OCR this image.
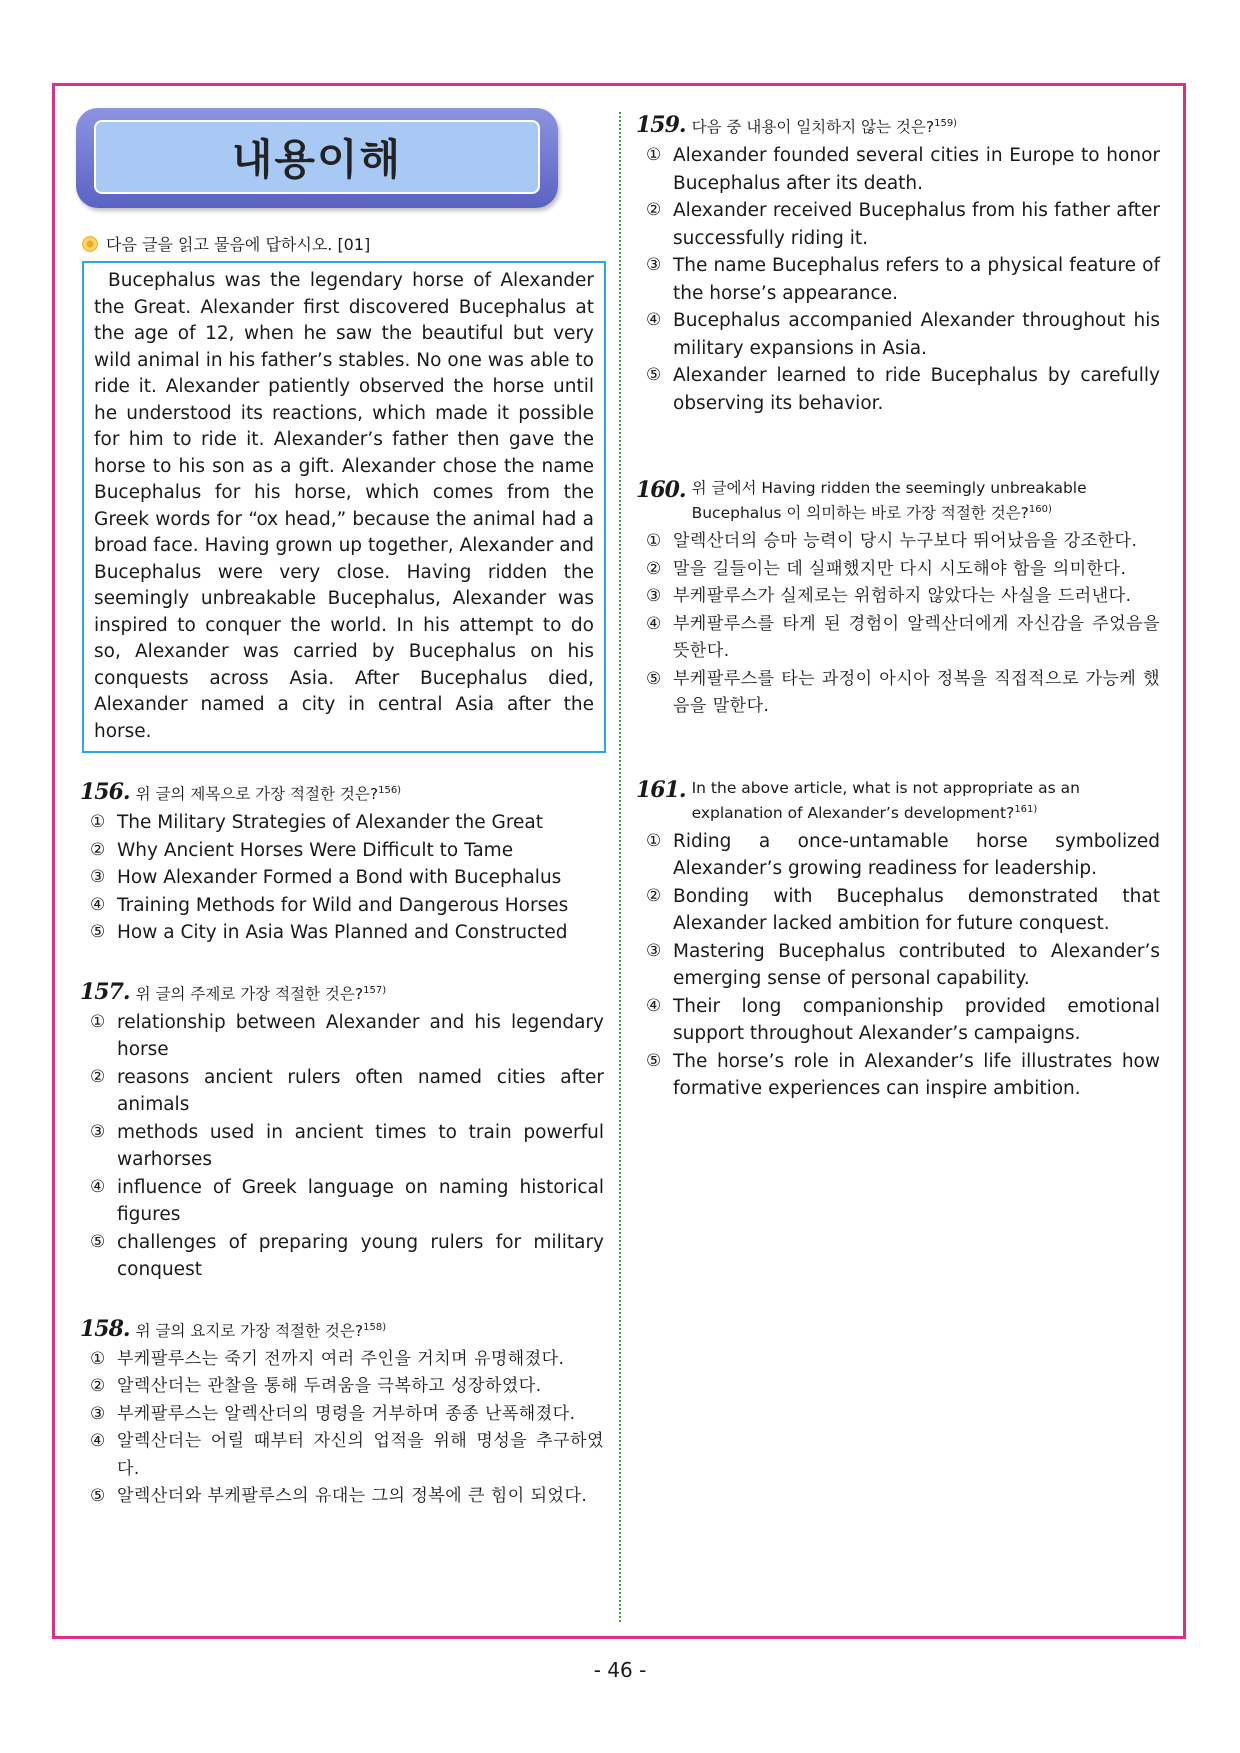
내용이해
다음 글을 읽고 물음에 답하시오. [01]
Bucephalus was the legendary horse of Alexander the Great. Alexander first discovered Bucephalus at the age of 12, when he saw the beautiful but very wild animal in his father’s stables. No one was able to ride it. Alexander patiently observed the horse until he understood its reactions, which made it possible for him to ride it. Alexander’s father then gave the horse to his son as a gift. Alexander chose the name Bucephalus for his horse, which comes from the Greek words for “ox head,” because the animal had a broad face. Having grown up together, Alexander and Bucephalus were very close. Having ridden the seemingly unbreakable Bucephalus, Alexander was inspired to conquer the world. In his attempt to do so, Alexander was carried by Bucephalus on his conquests across Asia. After Bucephalus died, Alexander named a city in central Asia after the horse.
156. 위 글의 제목으로 가장 적절한 것은?$^{156)}$
① The Military Strategies of Alexander the Great
② Why Ancient Horses Were Difficult to Tame
③ How Alexander Formed a Bond with Bucephalus
④ Training Methods for Wild and Dangerous Horses
⑤ How a City in Asia Was Planned and Constructed
157. 위 글의 주제로 가장 적절한 것은?$^{157)}$
① relationship between Alexander and his legendary horse
② reasons ancient rulers often named cities after animals
③ methods used in ancient times to train powerful warhorses
④ influence of Greek language on naming historical figures
⑤ challenges of preparing young rulers for military conquest
158. 위 글의 요지로 가장 적절한 것은?$^{158)}$
① 부케팔루스는 죽기 전까지 여러 주인을 거치며 유명해졌다.
② 알렉산더는 관찰을 통해 두려움을 극복하고 성장하였다.
③ 부케팔루스는 알렉산더의 명령을 거부하며 종종 난폭해졌다.
④ 알렉산더는 어릴 때부터 자신의 업적을 위해 명성을 추구하였다.
⑤ 알렉산더와 부케팔루스의 유대는 그의 정복에 큰 힘이 되었다.
159. 다음 중 내용이 일치하지 않는 것은?$^{159)}$
① Alexander founded several cities in Europe to honor Bucephalus after its death.
② Alexander received Bucephalus from his father after successfully riding it.
③ The name Bucephalus refers to a physical feature of the horse’s appearance.
④ Bucephalus accompanied Alexander throughout his military expansions in Asia.
⑤ Alexander learned to ride Bucephalus by carefully observing its behavior.
160. 위 글에서 Having ridden the seemingly unbreakable Bucephalus 이 의미하는 바로 가장 적절한 것은?$^{160)}$
① 알렉산더의 승마 능력이 당시 누구보다 뛰어났음을 강조한다.
② 말을 길들이는 데 실패했지만 다시 시도해야 함을 의미한다.
③ 부케팔루스가 실제로는 위험하지 않았다는 사실을 드러낸다.
④ 부케팔루스를 타게 된 경험이 알렉산더에게 자신감을 주었음을 뜻한다.
⑤ 부케팔루스를 타는 과정이 아시아 정복을 직접적으로 가능케 했음을 말한다.
161. In the above article, what is not appropriate as an explanation of Alexander’s development?$^{161)}$
① Riding a once-untamable horse symbolized Alexander’s growing readiness for leadership.
② Bonding with Bucephalus demonstrated that Alexander lacked ambition for future conquest.
③ Mastering Bucephalus contributed to Alexander’s emerging sense of personal capability.
④ Their long companionship provided emotional support throughout Alexander’s campaigns.
⑤ The horse’s role in Alexander’s life illustrates how formative experiences can inspire ambition.
- 46 -
